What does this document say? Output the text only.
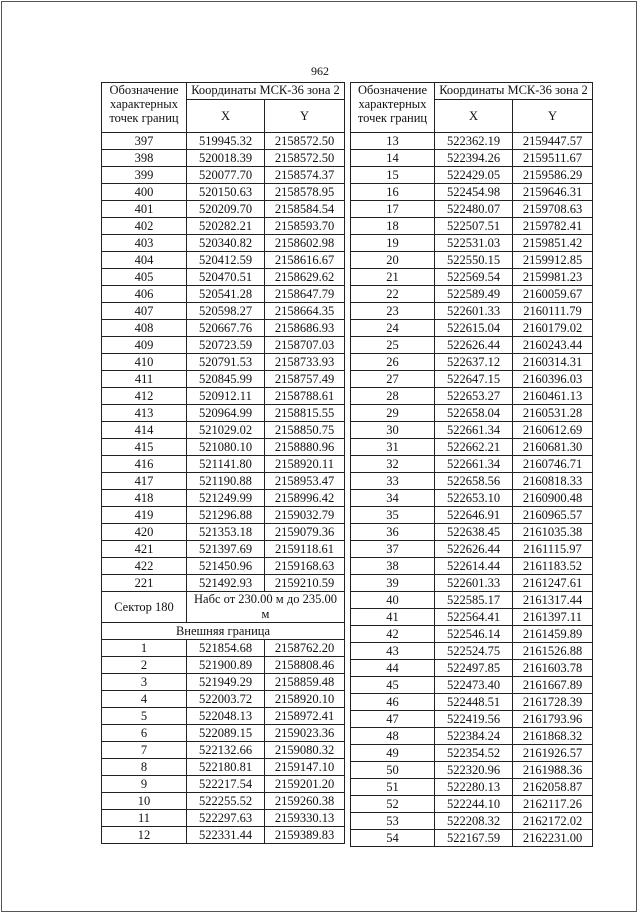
962
Обозначение характерных точек границ	Координаты МСК-36 зона 2	
	X	Y
397	519945.32	2158572.50
398	520018.39	2158572.50
399	520077.70	2158574.37
400	520150.63	2158578.95
401	520209.70	2158584.54
402	520282.21	2158593.70
403	520340.82	2158602.98
404	520412.59	2158616.67
405	520470.51	2158629.62
406	520541.28	2158647.79
407	520598.27	2158664.35
408	520667.76	2158686.93
409	520723.59	2158707.03
410	520791.53	2158733.93
411	520845.99	2158757.49
412	520912.11	2158788.61
413	520964.99	2158815.55
414	521029.02	2158850.75
415	521080.10	2158880.96
416	521141.80	2158920.11
417	521190.88	2158953.47
418	521249.99	2158996.42
419	521296.88	2159032.79
420	521353.18	2159079.36
421	521397.69	2159118.61
422	521450.96	2159168.63
221	521492.93	2159210.59
Сектор 180	Набс от 230.00 м до 235.00 м	

Внешняя граница		
1	521854.68	2158762.20
2	521900.89	2158808.46
3	521949.29	2158859.48
4	522003.72	2158920.10
5	522048.13	2158972.41
6	522089.15	2159023.36
7	522132.66	2159080.32
8	522180.81	2159147.10
9	522217.54	2159201.20
10	522255.52	2159260.38
11	522297.63	2159330.13
12	522331.44	2159389.83
Обозначение характерных точек границ	Координаты МСК-36 зона 2	
	X	Y
13	522362.19	2159447.57
14	522394.26	2159511.67
15	522429.05	2159586.29
16	522454.98	2159646.31
17	522480.07	2159708.63
18	522507.51	2159782.41
19	522531.03	2159851.42
20	522550.15	2159912.85
21	522569.54	2159981.23
22	522589.49	2160059.67
23	522601.33	2160111.79
24	522615.04	2160179.02
25	522626.44	2160243.44
26	522637.12	2160314.31
27	522647.15	2160396.03
28	522653.27	2160461.13
29	522658.04	2160531.28
30	522661.34	2160612.69
31	522662.21	2160681.30
32	522661.34	2160746.71
33	522658.56	2160818.33
34	522653.10	2160900.48
35	522646.91	2160965.57
36	522638.45	2161035.38
37	522626.44	2161115.97
38	522614.44	2161183.52
39	522601.33	2161247.61
40	522585.17	2161317.44
41	522564.41	2161397.11
42	522546.14	2161459.89
43	522524.75	2161526.88
44	522497.85	2161603.78
45	522473.40	2161667.89
46	522448.51	2161728.39
47	522419.56	2161793.96
48	522384.24	2161868.32
49	522354.52	2161926.57
50	522320.96	2161988.36
51	522280.13	2162058.87
52	522244.10	2162117.26
53	522208.32	2162172.02
54	522167.59	2162231.00
